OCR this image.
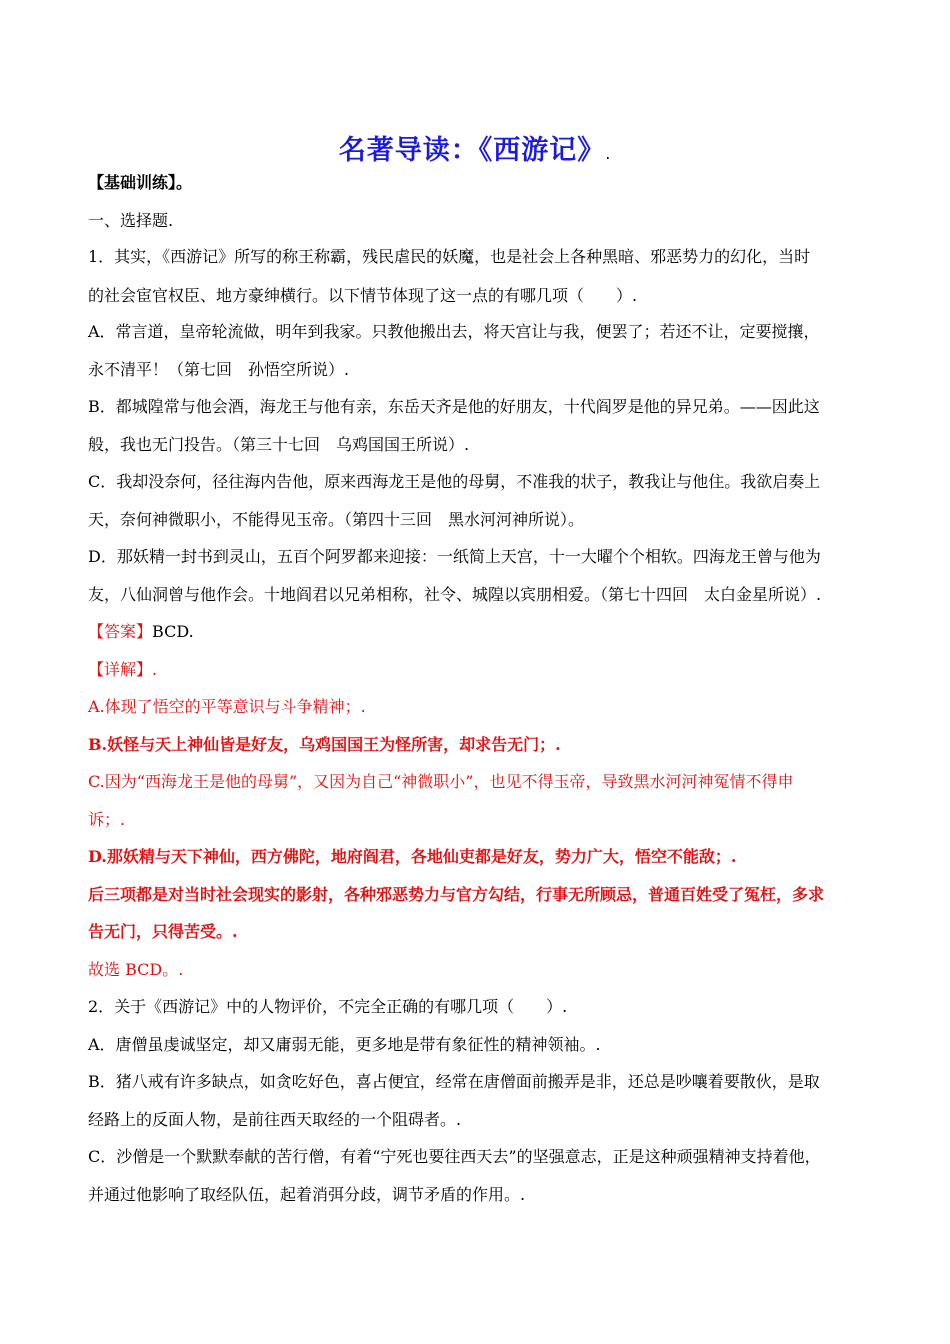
名著导读：《西游记》.
【基础训练】。
一、选择题.
1．其实，《西游记》所写的称王称霸，残民虐民的妖魔，也是社会上各种黑暗、邪恶势力的幻化，当时
的社会宦官权臣、地方豪绅横行。以下情节体现了这一点的有哪几项（　　）.
A．常言道，皇帝轮流做，明年到我家。只教他搬出去，将天宫让与我，便罢了；若还不让，定要搅攘，
永不清平！（第七回　孙悟空所说）.
B．都城隍常与他会酒，海龙王与他有亲，东岳天齐是他的好朋友，十代阎罗是他的异兄弟。——因此这
般，我也无门投告。（第三十七回　乌鸡国国王所说）.
C．我却没奈何，径往海内告他，原来西海龙王是他的母舅，不准我的状子，教我让与他住。我欲启奏上
天，奈何神微职小，不能得见玉帝。（第四十三回　黑水河河神所说）。
D．那妖精一封书到灵山，五百个阿罗都来迎接：一纸简上天宫，十一大曜个个相软。四海龙王曾与他为
友，八仙洞曾与他作会。十地阎君以兄弟相称，社令、城隍以宾朋相爱。（第七十四回　太白金星所说）.
【答案】BCD.
【详解】.
A.体现了悟空的平等意识与斗争精神；.
B.妖怪与天上神仙皆是好友，乌鸡国国王为怪所害，却求告无门；.
C.因为“西海龙王是他的母舅”，又因为自己“神微职小”，也见不得玉帝，导致黑水河河神冤情不得申
诉；.
D.那妖精与天下神仙，西方佛陀，地府阎君，各地仙吏都是好友，势力广大，悟空不能敌；.
后三项都是对当时社会现实的影射，各种邪恶势力与官方勾结，行事无所顾忌，普通百姓受了冤枉，多求
告无门，只得苦受。.
故选 BCD。.
2．关于《西游记》中的人物评价，不完全正确的有哪几项（　　）.
A．唐僧虽虔诚坚定，却又庸弱无能，更多地是带有象征性的精神领袖。.
B．猪八戒有许多缺点，如贪吃好色，喜占便宜，经常在唐僧面前搬弄是非，还总是吵嚷着要散伙，是取
经路上的反面人物，是前往西天取经的一个阻碍者。.
C．沙僧是一个默默奉献的苦行僧，有着“宁死也要往西天去”的坚强意志，正是这种顽强精神支持着他，
并通过他影响了取经队伍，起着消弭分歧，调节矛盾的作用。.
